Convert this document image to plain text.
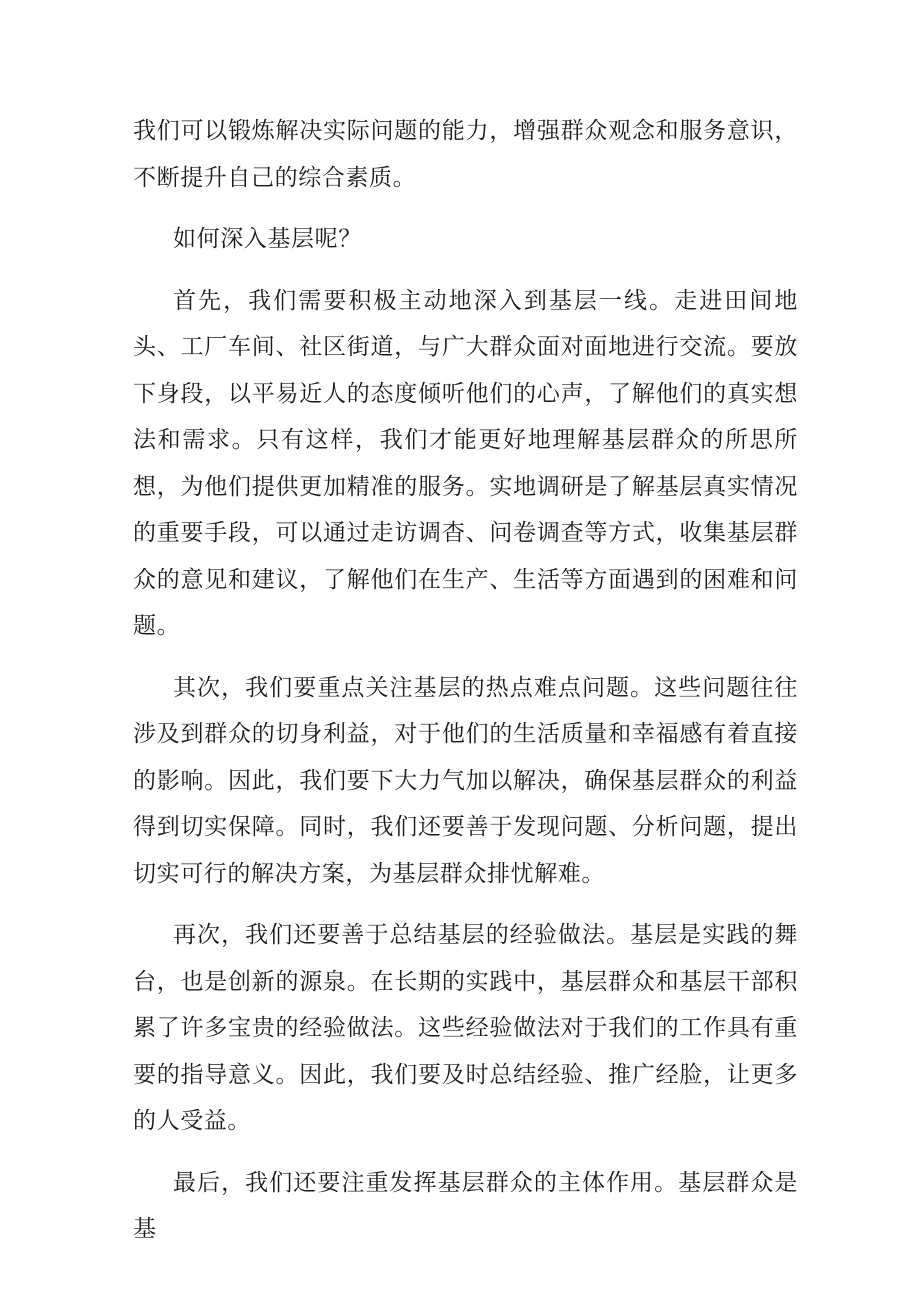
我们可以锻炼解决实际问题的能力，增强群众观念和服务意识，不断提升自己的综合素质。

如何深入基层呢？

首先，我们需要积极主动地深入到基层一线。走进田间地头、工厂车间、社区街道，与广大群众面对面地进行交流。要放下身段，以平易近人的态度倾听他们的心声，了解他们的真实想法和需求。只有这样，我们才能更好地理解基层群众的所思所想，为他们提供更加精准的服务。实地调研是了解基层真实情况的重要手段，可以通过走访调杳、问卷调查等方式，收集基层群众的意见和建议，了解他们在生产、生活等方面遇到的困难和问题。

其次，我们要重点关注基层的热点难点问题。这些问题往往涉及到群众的切身利益，对于他们的生活质量和幸福感有着直接的影响。因此，我们要下大力气加以解决，确保基层群众的利益得到切实保障。同时，我们还要善于发现问题、分析问题，提出切实可行的解决方案，为基层群众排忧解难。

再次，我们还要善于总结基层的经验做法。基层是实践的舞台，也是创新的源泉。在长期的实践中，基层群众和基层干部积累了许多宝贵的经验做法。这些经验做法对于我们的工作具有重要的指导意义。因此，我们要及时总结经验、推广经脸，让更多的人受益。

最后，我们还要注重发挥基层群众的主体作用。基层群众是基
